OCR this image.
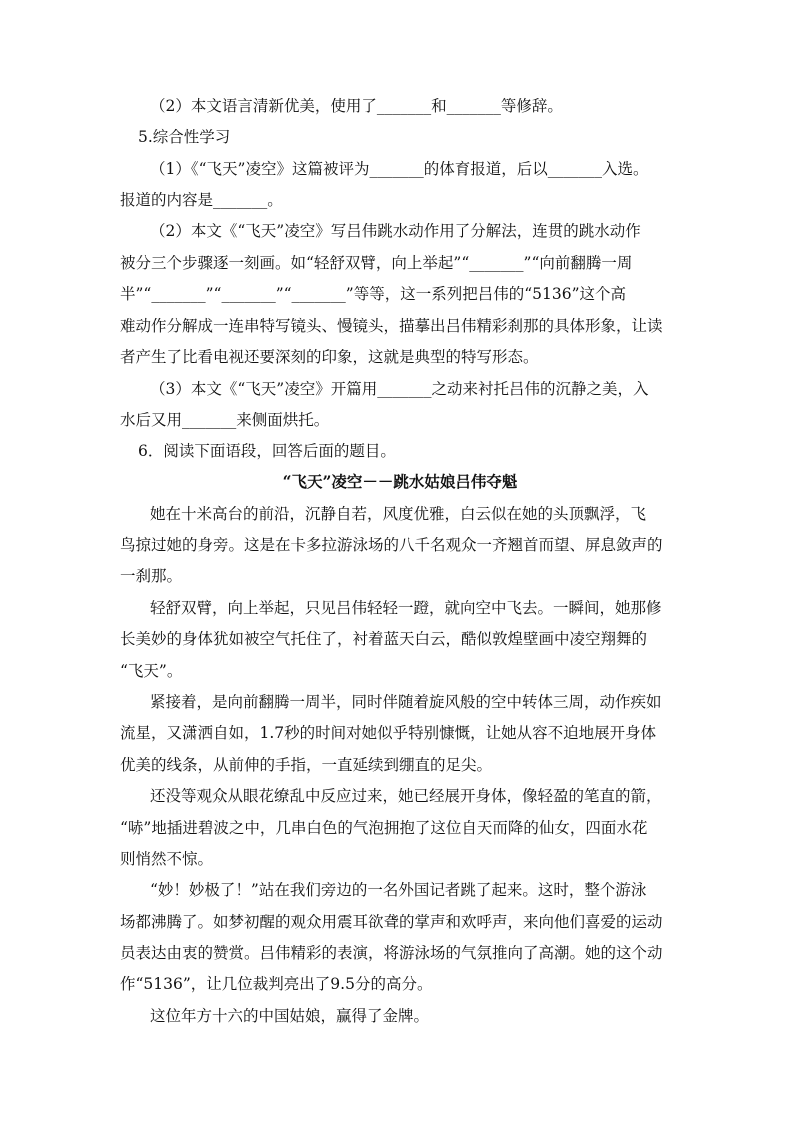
（2）本文语言清新优美，使用了_______和_______等修辞。
5.综合性学习
（1）《“飞天”凌空》这篇被评为_______的体育报道，后以_______入选。
报道的内容是_______。
（2）本文《“飞天”凌空》写吕伟跳水动作用了分解法，连贯的跳水动作
被分三个步骤逐一刻画。如“轻舒双臂，向上举起”“_______”“向前翻腾一周
半”“_______”“_______”“_______”等等，这一系列把吕伟的“5136”这个高
难动作分解成一连串特写镜头、慢镜头，描摹出吕伟精彩刹那的具体形象，让读
者产生了比看电视还要深刻的印象，这就是典型的特写形态。
（3）本文《“飞天”凌空》开篇用_______之动来衬托吕伟的沉静之美，入
水后又用_______来侧面烘托。
6．阅读下面语段，回答后面的题目。
“飞天”凌空－－跳水姑娘吕伟夺魁
她在十米高台的前沿，沉静自若，风度优雅，白云似在她的头顶飘浮，飞
鸟掠过她的身旁。这是在卡多拉游泳场的八千名观众一齐翘首而望、屏息敛声的
一刹那。
轻舒双臂，向上举起，只见吕伟轻轻一蹬，就向空中飞去。一瞬间，她那修
长美妙的身体犹如被空气托住了，衬着蓝天白云，酷似敦煌壁画中凌空翔舞的
“飞天”。
紧接着，是向前翻腾一周半，同时伴随着旋风般的空中转体三周，动作疾如
流星，又潇洒自如，1.7秒的时间对她似乎特别慷慨，让她从容不迫地展开身体
优美的线条，从前伸的手指，一直延续到绷直的足尖。
还没等观众从眼花缭乱中反应过来，她已经展开身体，像轻盈的笔直的箭，
“哧”地插进碧波之中，几串白色的气泡拥抱了这位自天而降的仙女，四面水花
则悄然不惊。
“妙！妙极了！”站在我们旁边的一名外国记者跳了起来。这时，整个游泳
场都沸腾了。如梦初醒的观众用震耳欲聋的掌声和欢呼声，来向他们喜爱的运动
员表达由衷的赞赏。吕伟精彩的表演，将游泳场的气氛推向了高潮。她的这个动
作“5136”，让几位裁判亮出了9.5分的高分。
这位年方十六的中国姑娘，赢得了金牌。
